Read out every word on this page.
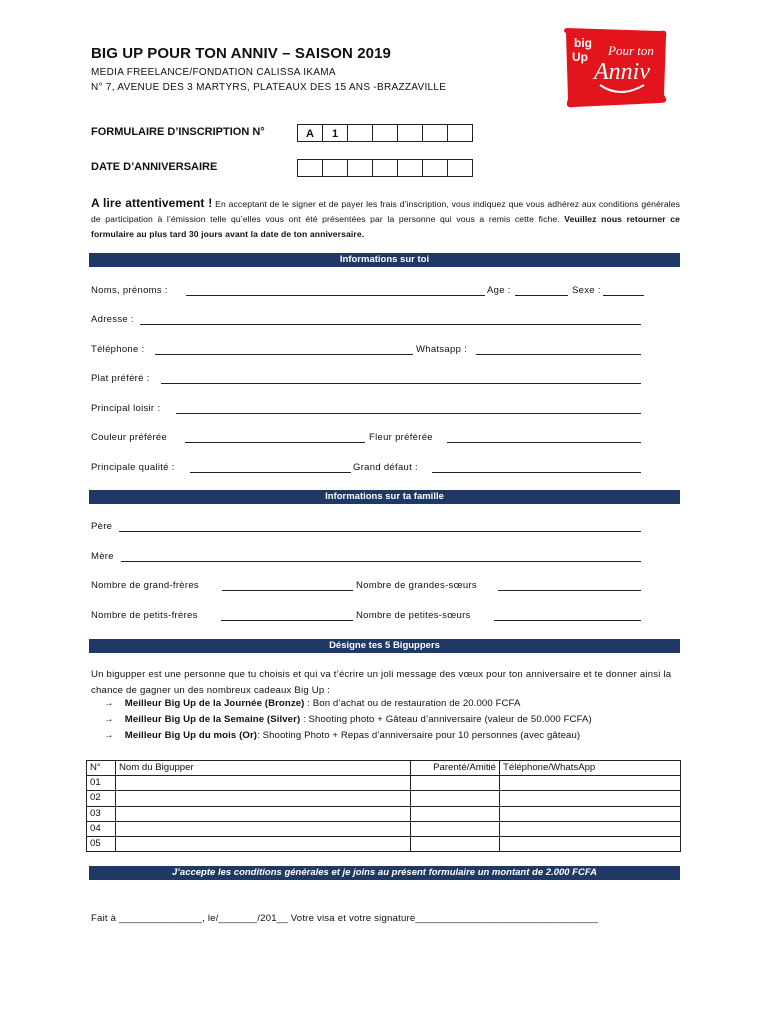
BIG UP POUR TON ANNIV – SAISON 2019
MEDIA FREELANCE/FONDATION CALISSA IKAMA
N° 7, AVENUE DES 3 MARTYRS, PLATEAUX DES 15 ANS -BRAZZAVILLE
big
Up Pour ton
Anniv
FORMULAIRE D’INSCRIPTION N°	A	1
DATE D’ANNIVERSAIRE
A lire attentivement ! En acceptant de le signer et de payer les frais d’inscription, vous indiquez que vous adhérez aux conditions générales de participation à l’émission telle qu’elles vous ont été présentées par la personne qui vous a remis cette fiche. Veuillez nous retourner ce formulaire au plus tard 30 jours avant la date de ton anniversaire.
Informations sur toi
Noms, prénoms :	Age :	Sexe :
Adresse :
Téléphone :	Whatsapp :
Plat préféré :
Principal loisir :
Couleur préférée	Fleur préférée
Principale qualité :	Grand défaut :
Informations sur ta famille
Père
Mère
Nombre de grand-frères	Nombre de grandes-sœurs
Nombre de petits-frères	Nombre de petites-sœurs
Désigne tes 5 Biguppers
Un bigupper est une personne que tu choisis et qui va t’écrire un joli message des vœux pour ton anniversaire et te donner ainsi la chance de gagner un des nombreux cadeaux Big Up :
→ Meilleur Big Up de la Journée (Bronze) : Bon d’achat ou de restauration de 20.000 FCFA
→ Meilleur Big Up de la Semaine (Silver) : Shooting photo + Gâteau d’anniversaire (valeur de 50.000 FCFA)
→ Meilleur Big Up du mois (Or): Shooting Photo + Repas d’anniversaire pour 10 personnes (avec gâteau)
N°	Nom du Bigupper	Parenté/Amitié	Téléphone/WhatsApp
01			
02			
03			
04			
05			
J’accepte les conditions générales et je joins au présent formulaire un montant de 2.000 FCFA
Fait à _______________, le/_______/201__ Votre visa et votre signature_________________________________
